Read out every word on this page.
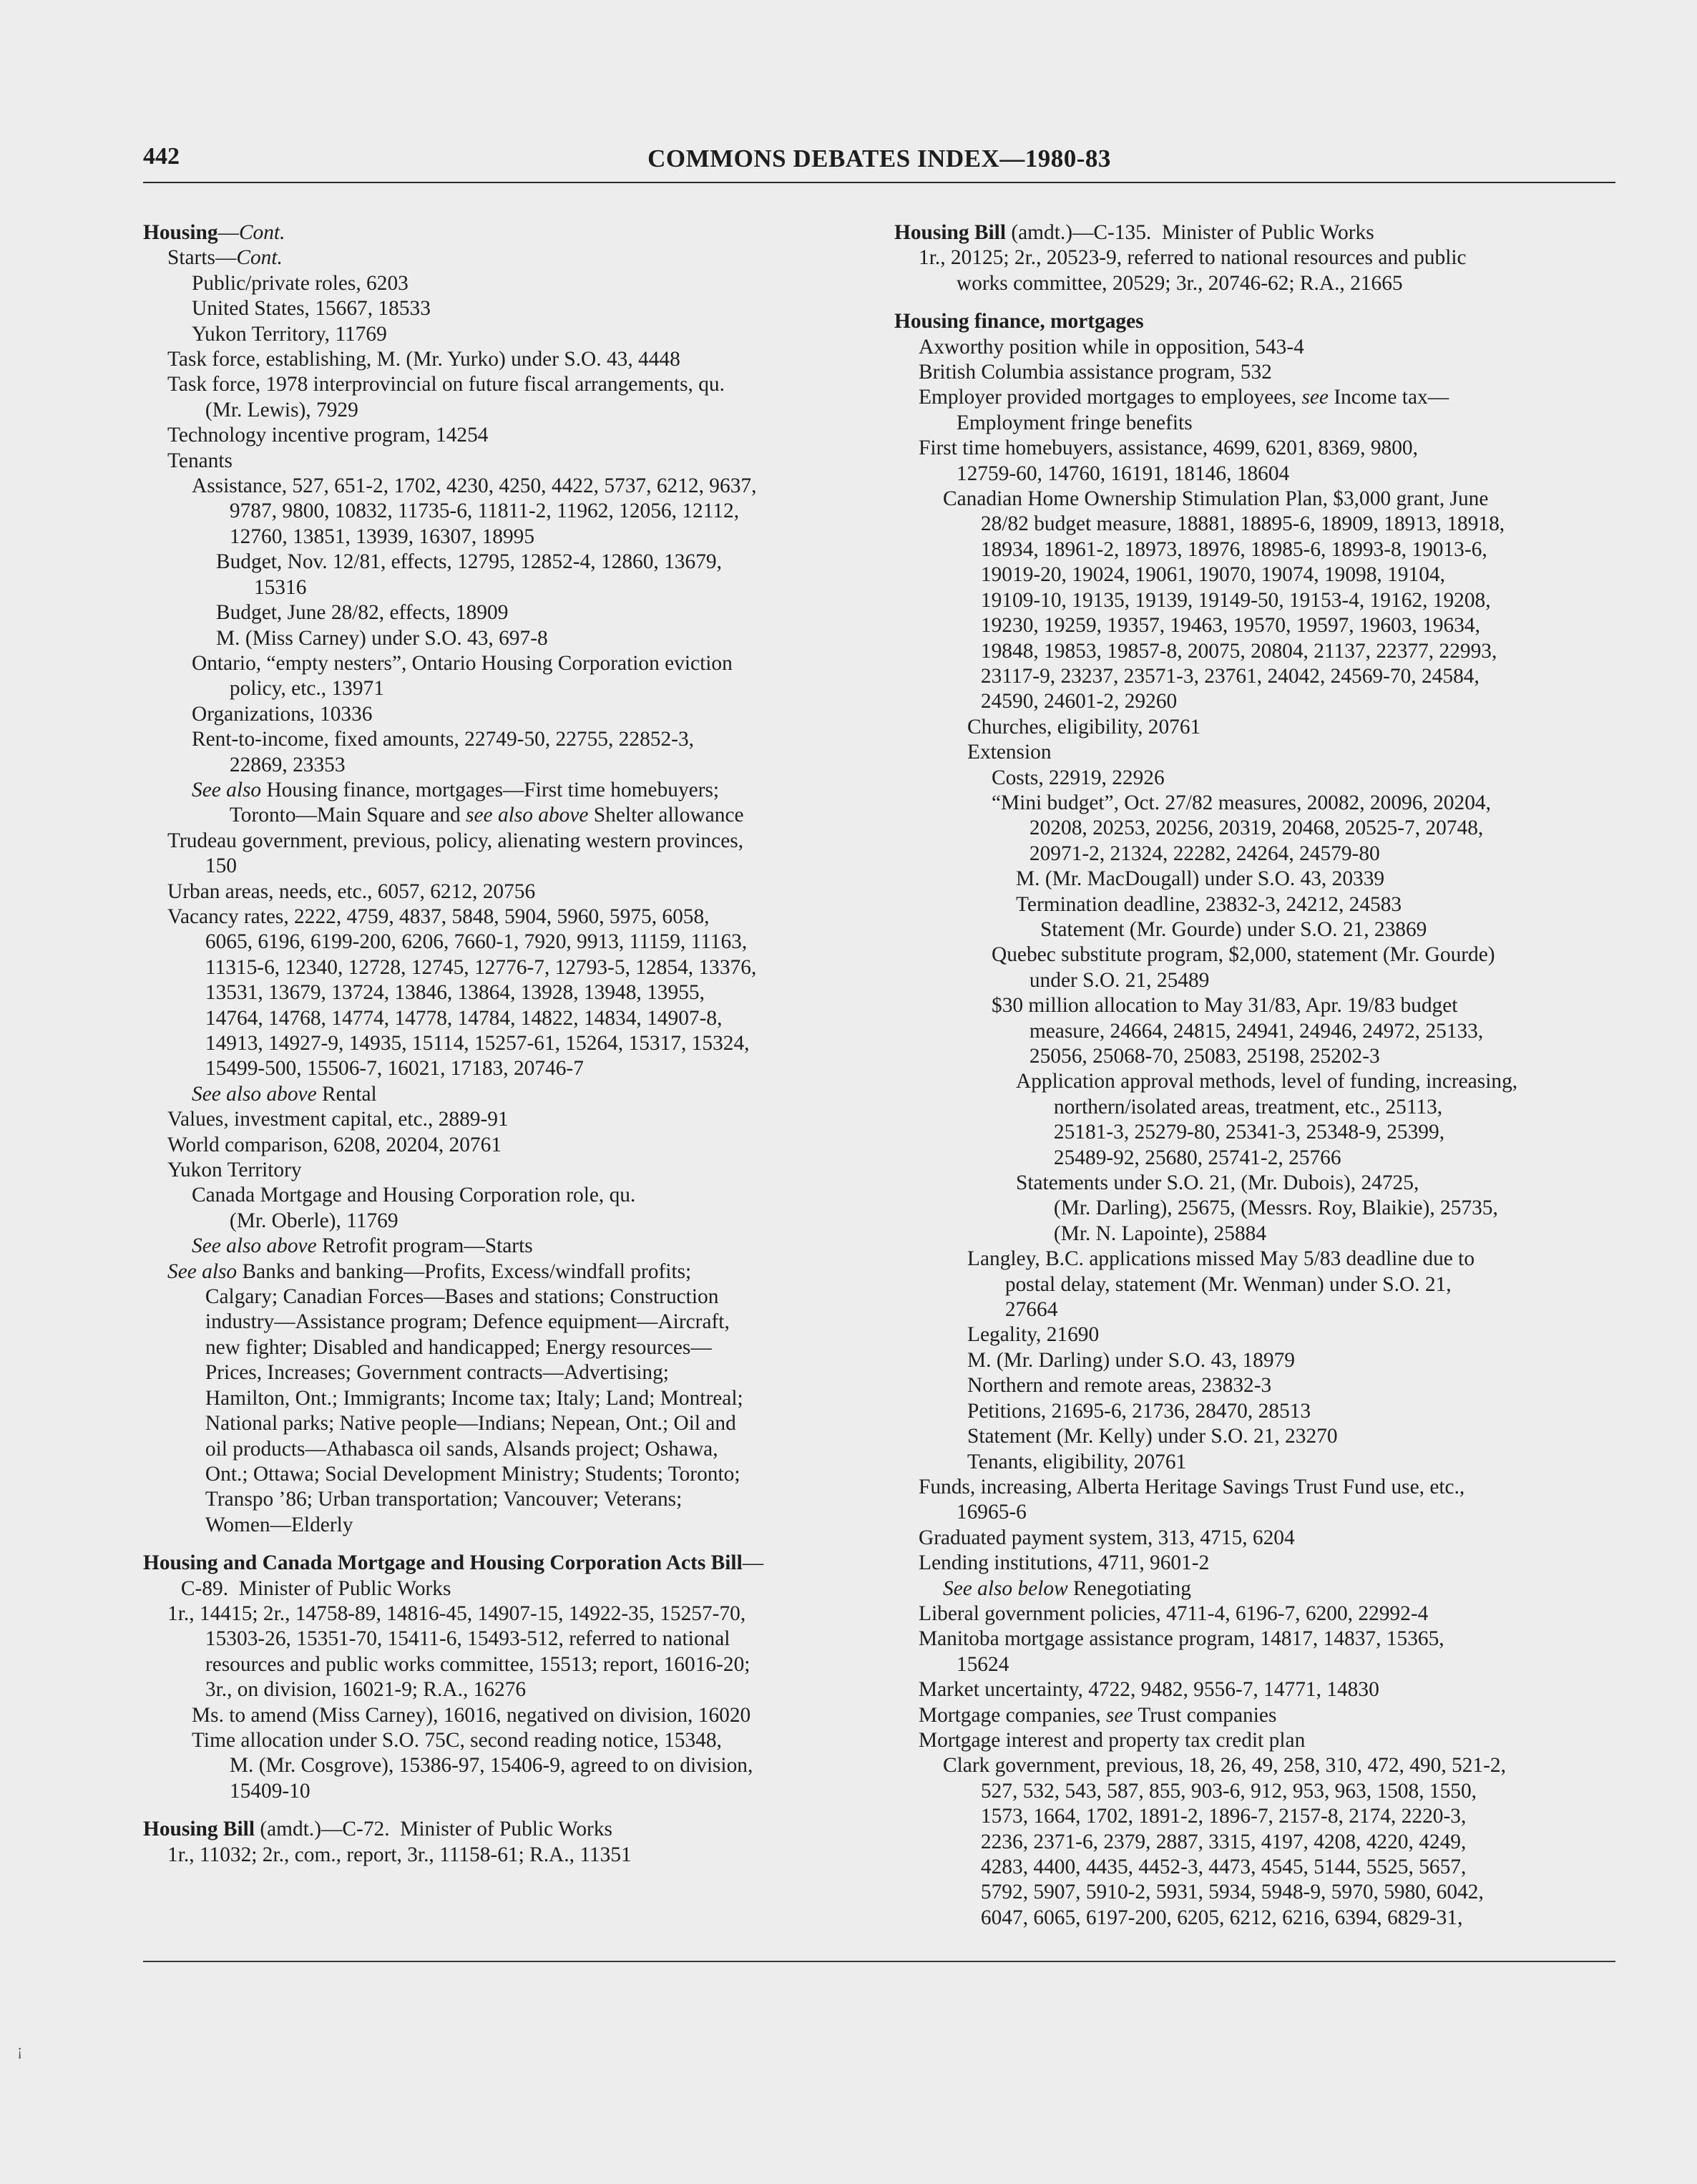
442	COMMONS DEBATES INDEX—1980-83
Housing—Cont.
Starts—Cont.
Public/private roles, 6203
United States, 15667, 18533
Yukon Territory, 11769
Task force, establishing, M. (Mr. Yurko) under S.O. 43, 4448
Task force, 1978 interprovincial on future fiscal arrangements, qu.
(Mr. Lewis), 7929
Technology incentive program, 14254
Tenants
Assistance, 527, 651-2, 1702, 4230, 4250, 4422, 5737, 6212, 9637,
9787, 9800, 10832, 11735-6, 11811-2, 11962, 12056, 12112,
12760, 13851, 13939, 16307, 18995
Budget, Nov. 12/81, effects, 12795, 12852-4, 12860, 13679,
15316
Budget, June 28/82, effects, 18909
M. (Miss Carney) under S.O. 43, 697-8
Ontario, “empty nesters”, Ontario Housing Corporation eviction
policy, etc., 13971
Organizations, 10336
Rent-to-income, fixed amounts, 22749-50, 22755, 22852-3,
22869, 23353
See also Housing finance, mortgages—First time homebuyers;
Toronto—Main Square and see also above Shelter allowance
Trudeau government, previous, policy, alienating western provinces,
150
Urban areas, needs, etc., 6057, 6212, 20756
Vacancy rates, 2222, 4759, 4837, 5848, 5904, 5960, 5975, 6058,
6065, 6196, 6199-200, 6206, 7660-1, 7920, 9913, 11159, 11163,
11315-6, 12340, 12728, 12745, 12776-7, 12793-5, 12854, 13376,
13531, 13679, 13724, 13846, 13864, 13928, 13948, 13955,
14764, 14768, 14774, 14778, 14784, 14822, 14834, 14907-8,
14913, 14927-9, 14935, 15114, 15257-61, 15264, 15317, 15324,
15499-500, 15506-7, 16021, 17183, 20746-7
See also above Rental
Values, investment capital, etc., 2889-91
World comparison, 6208, 20204, 20761
Yukon Territory
Canada Mortgage and Housing Corporation role, qu.
(Mr. Oberle), 11769
See also above Retrofit program—Starts
See also Banks and banking—Profits, Excess/windfall profits;
Calgary; Canadian Forces—Bases and stations; Construction
industry—Assistance program; Defence equipment—Aircraft,
new fighter; Disabled and handicapped; Energy resources—
Prices, Increases; Government contracts—Advertising;
Hamilton, Ont.; Immigrants; Income tax; Italy; Land; Montreal;
National parks; Native people—Indians; Nepean, Ont.; Oil and
oil products—Athabasca oil sands, Alsands project; Oshawa,
Ont.; Ottawa; Social Development Ministry; Students; Toronto;
Transpo ’86; Urban transportation; Vancouver; Veterans;
Women—Elderly
Housing and Canada Mortgage and Housing Corporation Acts Bill—
C-89.  Minister of Public Works
1r., 14415; 2r., 14758-89, 14816-45, 14907-15, 14922-35, 15257-70,
15303-26, 15351-70, 15411-6, 15493-512, referred to national
resources and public works committee, 15513; report, 16016-20;
3r., on division, 16021-9; R.A., 16276
Ms. to amend (Miss Carney), 16016, negatived on division, 16020
Time allocation under S.O. 75C, second reading notice, 15348,
M. (Mr. Cosgrove), 15386-97, 15406-9, agreed to on division,
15409-10
Housing Bill (amdt.)—C-72.  Minister of Public Works
1r., 11032; 2r., com., report, 3r., 11158-61; R.A., 11351
Housing Bill (amdt.)—C-135.  Minister of Public Works
1r., 20125; 2r., 20523-9, referred to national resources and public
works committee, 20529; 3r., 20746-62; R.A., 21665
Housing finance, mortgages
Axworthy position while in opposition, 543-4
British Columbia assistance program, 532
Employer provided mortgages to employees, see Income tax—
Employment fringe benefits
First time homebuyers, assistance, 4699, 6201, 8369, 9800,
12759-60, 14760, 16191, 18146, 18604
Canadian Home Ownership Stimulation Plan, $3,000 grant, June
28/82 budget measure, 18881, 18895-6, 18909, 18913, 18918,
18934, 18961-2, 18973, 18976, 18985-6, 18993-8, 19013-6,
19019-20, 19024, 19061, 19070, 19074, 19098, 19104,
19109-10, 19135, 19139, 19149-50, 19153-4, 19162, 19208,
19230, 19259, 19357, 19463, 19570, 19597, 19603, 19634,
19848, 19853, 19857-8, 20075, 20804, 21137, 22377, 22993,
23117-9, 23237, 23571-3, 23761, 24042, 24569-70, 24584,
24590, 24601-2, 29260
Churches, eligibility, 20761
Extension
Costs, 22919, 22926
“Mini budget”, Oct. 27/82 measures, 20082, 20096, 20204,
20208, 20253, 20256, 20319, 20468, 20525-7, 20748,
20971-2, 21324, 22282, 24264, 24579-80
M. (Mr. MacDougall) under S.O. 43, 20339
Termination deadline, 23832-3, 24212, 24583
Statement (Mr. Gourde) under S.O. 21, 23869
Quebec substitute program, $2,000, statement (Mr. Gourde)
under S.O. 21, 25489
$30 million allocation to May 31/83, Apr. 19/83 budget
measure, 24664, 24815, 24941, 24946, 24972, 25133,
25056, 25068-70, 25083, 25198, 25202-3
Application approval methods, level of funding, increasing,
northern/isolated areas, treatment, etc., 25113,
25181-3, 25279-80, 25341-3, 25348-9, 25399,
25489-92, 25680, 25741-2, 25766
Statements under S.O. 21, (Mr. Dubois), 24725,
(Mr. Darling), 25675, (Messrs. Roy, Blaikie), 25735,
(Mr. N. Lapointe), 25884
Langley, B.C. applications missed May 5/83 deadline due to
postal delay, statement (Mr. Wenman) under S.O. 21,
27664
Legality, 21690
M. (Mr. Darling) under S.O. 43, 18979
Northern and remote areas, 23832-3
Petitions, 21695-6, 21736, 28470, 28513
Statement (Mr. Kelly) under S.O. 21, 23270
Tenants, eligibility, 20761
Funds, increasing, Alberta Heritage Savings Trust Fund use, etc.,
16965-6
Graduated payment system, 313, 4715, 6204
Lending institutions, 4711, 9601-2
See also below Renegotiating
Liberal government policies, 4711-4, 6196-7, 6200, 22992-4
Manitoba mortgage assistance program, 14817, 14837, 15365,
15624
Market uncertainty, 4722, 9482, 9556-7, 14771, 14830
Mortgage companies, see Trust companies
Mortgage interest and property tax credit plan
Clark government, previous, 18, 26, 49, 258, 310, 472, 490, 521-2,
527, 532, 543, 587, 855, 903-6, 912, 953, 963, 1508, 1550,
1573, 1664, 1702, 1891-2, 1896-7, 2157-8, 2174, 2220-3,
2236, 2371-6, 2379, 2887, 3315, 4197, 4208, 4220, 4249,
4283, 4400, 4435, 4452-3, 4473, 4545, 5144, 5525, 5657,
5792, 5907, 5910-2, 5931, 5934, 5948-9, 5970, 5980, 6042,
6047, 6065, 6197-200, 6205, 6212, 6216, 6394, 6829-31,
¡
